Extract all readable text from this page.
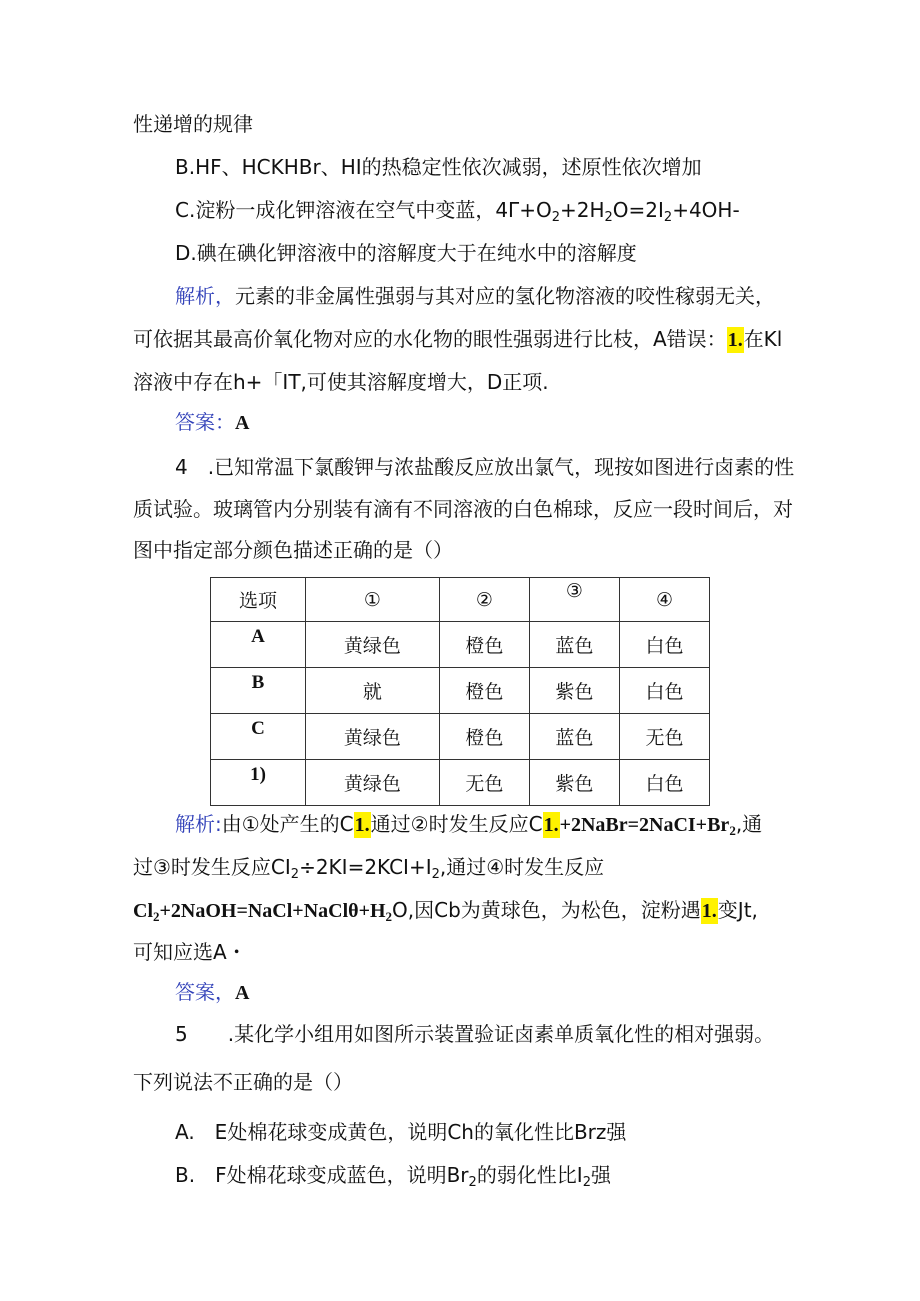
性递增的规律
B.HF、HCKHBr、HI的热稳定性依次减弱，述原性依次增加
C.淀粉一成化钾溶液在空气中变蓝，$4\Gamma+O_2+2H_2O=2I_2+4OH-$
D.碘在碘化钾溶液中的溶解度大于在纯水中的溶解度
解析，元素的非金属性强弱与其对应的氢化物溶液的咬性稼弱无关，
可依据其最高价氧化物对应的水化物的眼性强弱进行比枝，A错误：1.在Kl
溶液中存在h+「IT,可使其溶解度增大，D正项.
答案：A
4　.已知常温下氯酸钾与浓盐酸反应放出氯气，现按如图进行卤素的性
质试验。玻璃管内分别装有滴有不同溶液的白色棉球，反应一段时间后，对
图中指定部分颜色描述正确的是（）
选项	①	②	③	④
A	黄绿色	橙色	蓝色	白色
B	就	橙色	紫色	白色
C	黄绿色	橙色	蓝色	无色
1)	黄绿色	无色	紫色	白色
解析:由①处产生的C1.通过②时发生反应$C1.+2NaBr=2NaCI+Br_2$,通
过③时发生反应$CI_2\div 2KI=2KCI+I_2$,通过④时发生反应
$Cl_2+2NaOH=NaCl+NaCl\theta+H_2O$,因Cb为黄球色，为松色，淀粉遇1.变Jt,
可知应选A・
答案，A
5　　.某化学小组用如图所示装置验证卤素单质氧化性的相对强弱。
下列说法不正确的是（）
A.　E处棉花球变成黄色，说明Ch的氧化性比Brz强
B.　F处棉花球变成蓝色，说明$Br_2$的弱化性比$I_2$强
